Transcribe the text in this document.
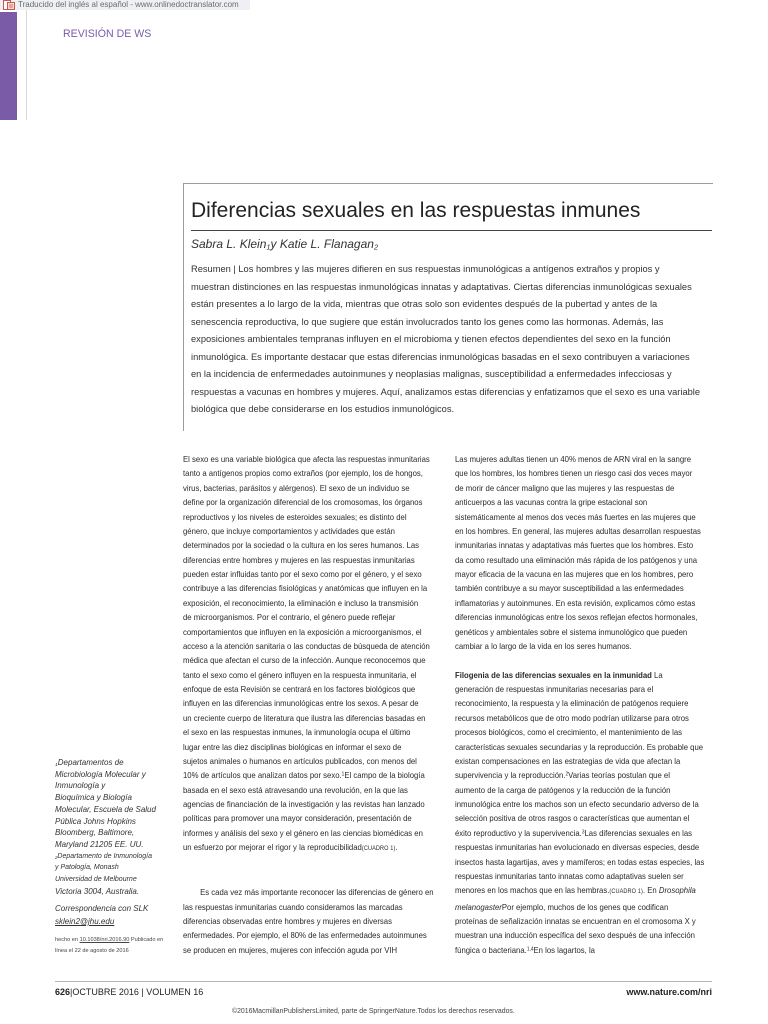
Traducido del inglés al español - www.onlinedoctranslator.com
REVISIÓN DE WS
Diferencias sexuales en las respuestas inmunes
Sabra L. Klein1y Katie L. Flanagan2
Resumen | Los hombres y las mujeres difieren en sus respuestas inmunológicas a antígenos extraños y propios y
muestran distinciones en las respuestas inmunológicas innatas y adaptativas. Ciertas diferencias inmunológicas sexuales
están presentes a lo largo de la vida, mientras que otras solo son evidentes después de la pubertad y antes de la
senescencia reproductiva, lo que sugiere que están involucrados tanto los genes como las hormonas. Además, las
exposiciones ambientales tempranas influyen en el microbioma y tienen efectos dependientes del sexo en la función
inmunológica. Es importante destacar que estas diferencias inmunológicas basadas en el sexo contribuyen a variaciones
en la incidencia de enfermedades autoinmunes y neoplasias malignas, susceptibilidad a enfermedades infecciosas y
respuestas a vacunas en hombres y mujeres. Aquí, analizamos estas diferencias y enfatizamos que el sexo es una variable
biológica que debe considerarse en los estudios inmunológicos.
El sexo es una variable biológica que afecta las respuestas inmunitarias
tanto a antígenos propios como extraños (por ejemplo, los de hongos,
virus, bacterias, parásitos y alérgenos). El sexo de un individuo se
define por la organización diferencial de los cromosomas, los órganos
reproductivos y los niveles de esteroides sexuales; es distinto del
género, que incluye comportamientos y actividades que están
determinados por la sociedad o la cultura en los seres humanos. Las
diferencias entre hombres y mujeres en las respuestas inmunitarias
pueden estar influidas tanto por el sexo como por el género, y el sexo
contribuye a las diferencias fisiológicas y anatómicas que influyen en la
exposición, el reconocimiento, la eliminación e incluso la transmisión
de microorganismos. Por el contrario, el género puede reflejar
comportamientos que influyen en la exposición a microorganismos, el
acceso a la atención sanitaria o las conductas de búsqueda de atención
médica que afectan el curso de la infección. Aunque reconocemos que
tanto el sexo como el género influyen en la respuesta inmunitaria, el
enfoque de esta Revisión se centrará en los factores biológicos que
influyen en las diferencias inmunológicas entre los sexos. A pesar de
un creciente cuerpo de literatura que ilustra las diferencias basadas en
el sexo en las respuestas inmunes, la inmunología ocupa el último
lugar entre las diez disciplinas biológicas en informar el sexo de
sujetos animales o humanos en artículos publicados, con menos del
10% de artículos que analizan datos por sexo.$^1$El campo de la biología
basada en el sexo está atravesando una revolución, en la que las
agencias de financiación de la investigación y las revistas han lanzado
políticas para promover una mayor consideración, presentación de
informes y análisis del sexo y el género en las ciencias biomédicas en
un esfuerzo por mejorar el rigor y la reproducibilidad(CUADRO 1).
Es cada vez más importante reconocer las diferencias de género en
las respuestas inmunitarias cuando consideramos las marcadas
diferencias observadas entre hombres y mujeres en diversas
enfermedades. Por ejemplo, el 80% de las enfermedades autoinmunes
se producen en mujeres, mujeres con infección aguda por VIH
Las mujeres adultas tienen un 40% menos de ARN viral en la sangre
que los hombres, los hombres tienen un riesgo casi dos veces mayor
de morir de cáncer maligno que las mujeres y las respuestas de
anticuerpos a las vacunas contra la gripe estacional son
sistemáticamente al menos dos veces más fuertes en las mujeres que
en los hombres. En general, las mujeres adultas desarrollan respuestas
inmunitarias innatas y adaptativas más fuertes que los hombres. Esto
da como resultado una eliminación más rápida de los patógenos y una
mayor eficacia de la vacuna en las mujeres que en los hombres, pero
también contribuye a su mayor susceptibilidad a las enfermedades
inflamatorias y autoinmunes. En esta revisión, explicamos cómo estas
diferencias inmunológicas entre los sexos reflejan efectos hormonales,
genéticos y ambientales sobre el sistema inmunológico que pueden
cambiar a lo largo de la vida en los seres humanos.
Filogenia de las diferencias sexuales en la inmunidad La
generación de respuestas inmunitarias necesarias para el
reconocimiento, la respuesta y la eliminación de patógenos requiere
recursos metabólicos que de otro modo podrían utilizarse para otros
procesos biológicos, como el crecimiento, el mantenimiento de las
características sexuales secundarias y la reproducción. Es probable que
existan compensaciones en las estrategias de vida que afectan la
supervivencia y la reproducción.$^2$Varias teorías postulan que el
aumento de la carga de patógenos y la reducción de la función
inmunológica entre los machos son un efecto secundario adverso de la
selección positiva de otros rasgos o características que aumentan el
éxito reproductivo y la supervivencia.$^3$Las diferencias sexuales en las
respuestas inmunitarias han evolucionado en diversas especies, desde
insectos hasta lagartijas, aves y mamíferos; en todas estas especies, las
respuestas inmunitarias tanto innatas como adaptativas suelen ser
menores en los machos que en las hembras.(CUADRO 1). En Drosophila
melanogasterPor ejemplo, muchos de los genes que codifican
proteínas de señalización innatas se encuentran en el cromosoma X y
muestran una inducción específica del sexo después de una infección
fúngica o bacteriana.$^{1,4}$En los lagartos, la
1Departamentos de
Microbiología Molecular y
Inmunología y
Bioquímica y Biología
Molecular, Escuela de Salud
Pública Johns Hopkins
Bloomberg, Baltimore,
Maryland 21205 EE. UU.
2Departamento de Inmunología
y Patología, Monash
Universidad de Melbourne
Victoria 3004, Australia.
Correspondencia con SLK
sklein2@jhu.edu
hecho en 10.1038/nri.2016.90 Publicado en
línea el 22 de agosto de 2016
626|OCTUBRE 2016 | VOLUMEN 16	www.nature.com/nri
©2016MacmillanPublishersLimited, parte de SpringerNature.Todos los derechos reservados.
